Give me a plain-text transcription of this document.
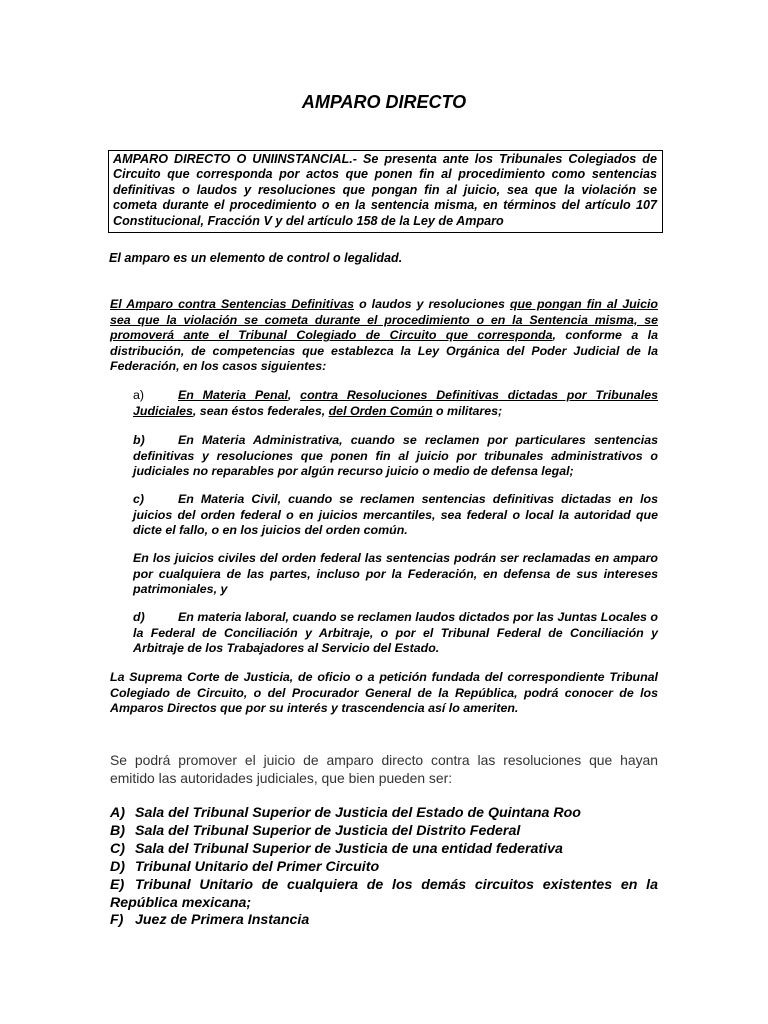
AMPARO DIRECTO
AMPARO DIRECTO O UNIINSTANCIAL.- Se presenta ante los Tribunales Colegiados de Circuito que corresponda por actos que ponen fin al procedimiento como sentencias definitivas o laudos y resoluciones que pongan fin al juicio, sea que la violación se cometa durante el procedimiento o en la sentencia misma, en términos del artículo 107 Constitucional, Fracción V y del artículo 158 de la Ley de Amparo
El amparo es un elemento de control o legalidad.
El Amparo contra Sentencias Definitivas o laudos y resoluciones que pongan fin al Juicio sea que la violación se cometa durante el procedimiento o en la Sentencia misma, se promoverá ante el Tribunal Colegiado de Circuito que corresponda, conforme a la distribución, de competencias que establezca la Ley Orgánica del Poder Judicial de la Federación, en los casos siguientes:
a)	En Materia Penal, contra Resoluciones Definitivas dictadas por Tribunales Judiciales, sean éstos federales, del Orden Común o militares;
b)	En Materia Administrativa, cuando se reclamen por particulares sentencias definitivas y resoluciones que ponen fin al juicio por tribunales administrativos o judiciales no reparables por algún recurso juicio o medio de defensa legal;
c)	En Materia Civil, cuando se reclamen sentencias definitivas dictadas en los juicios del orden federal o en juicios mercantiles, sea federal o local la autoridad que dicte el fallo, o en los juicios del orden común.
En los juicios civiles del orden federal las sentencias podrán ser reclamadas en amparo por cualquiera de las partes, incluso por la Federación, en defensa de sus intereses patrimoniales, y
d)	En materia laboral, cuando se reclamen laudos dictados por las Juntas Locales o la Federal de Conciliación y Arbitraje, o por el Tribunal Federal de Conciliación y Arbitraje de los Trabajadores al Servicio del Estado.
La Suprema Corte de Justicia, de oficio o a petición fundada del correspondiente Tribunal Colegiado de Circuito, o del Procurador General de la República, podrá conocer de los Amparos Directos que por su interés y trascendencia así lo ameriten.
Se podrá promover el juicio de amparo directo contra las resoluciones que hayan emitido las autoridades judiciales, que bien pueden ser:
A) Sala del Tribunal Superior de Justicia del Estado de Quintana Roo
B) Sala del Tribunal Superior de Justicia del Distrito Federal
C) Sala del Tribunal Superior de Justicia de una entidad federativa
D) Tribunal Unitario del Primer Circuito
E) Tribunal Unitario de cualquiera de los demás circuitos existentes en la República mexicana;
F) Juez de Primera Instancia
